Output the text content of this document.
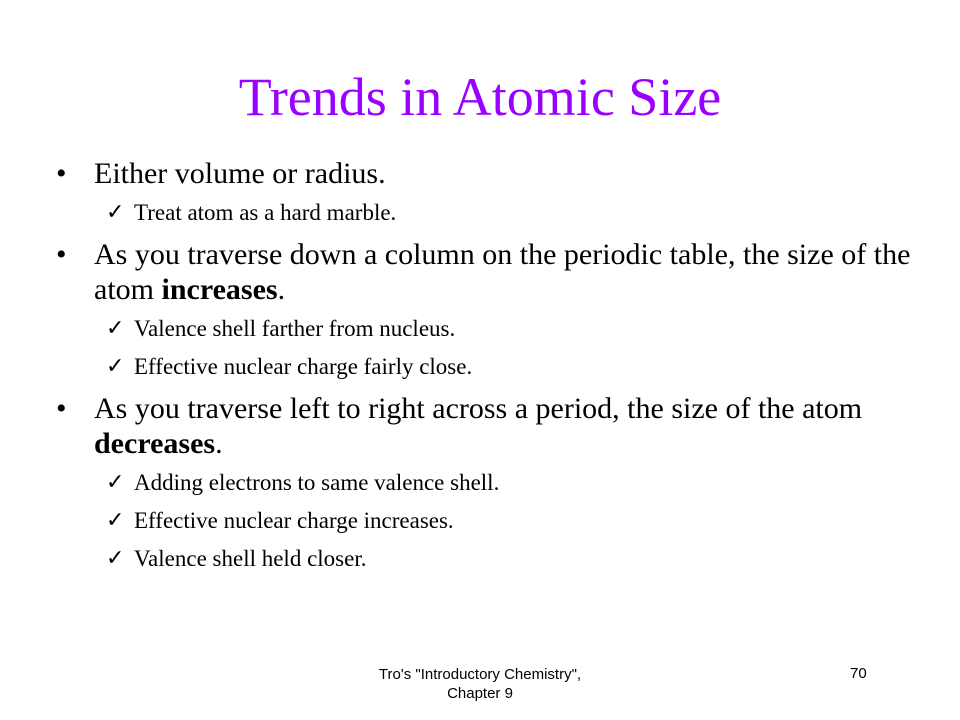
Trends in Atomic Size
• Either volume or radius.
✓ Treat atom as a hard marble.
• As you traverse down a column on the periodic table, the size of the atom increases.
✓ Valence shell farther from nucleus.
✓ Effective nuclear charge fairly close.
• As you traverse left to right across a period, the size of the atom decreases.
✓ Adding electrons to same valence shell.
✓ Effective nuclear charge increases.
✓ Valence shell held closer.
Tro's "Introductory Chemistry",
Chapter 9
70
